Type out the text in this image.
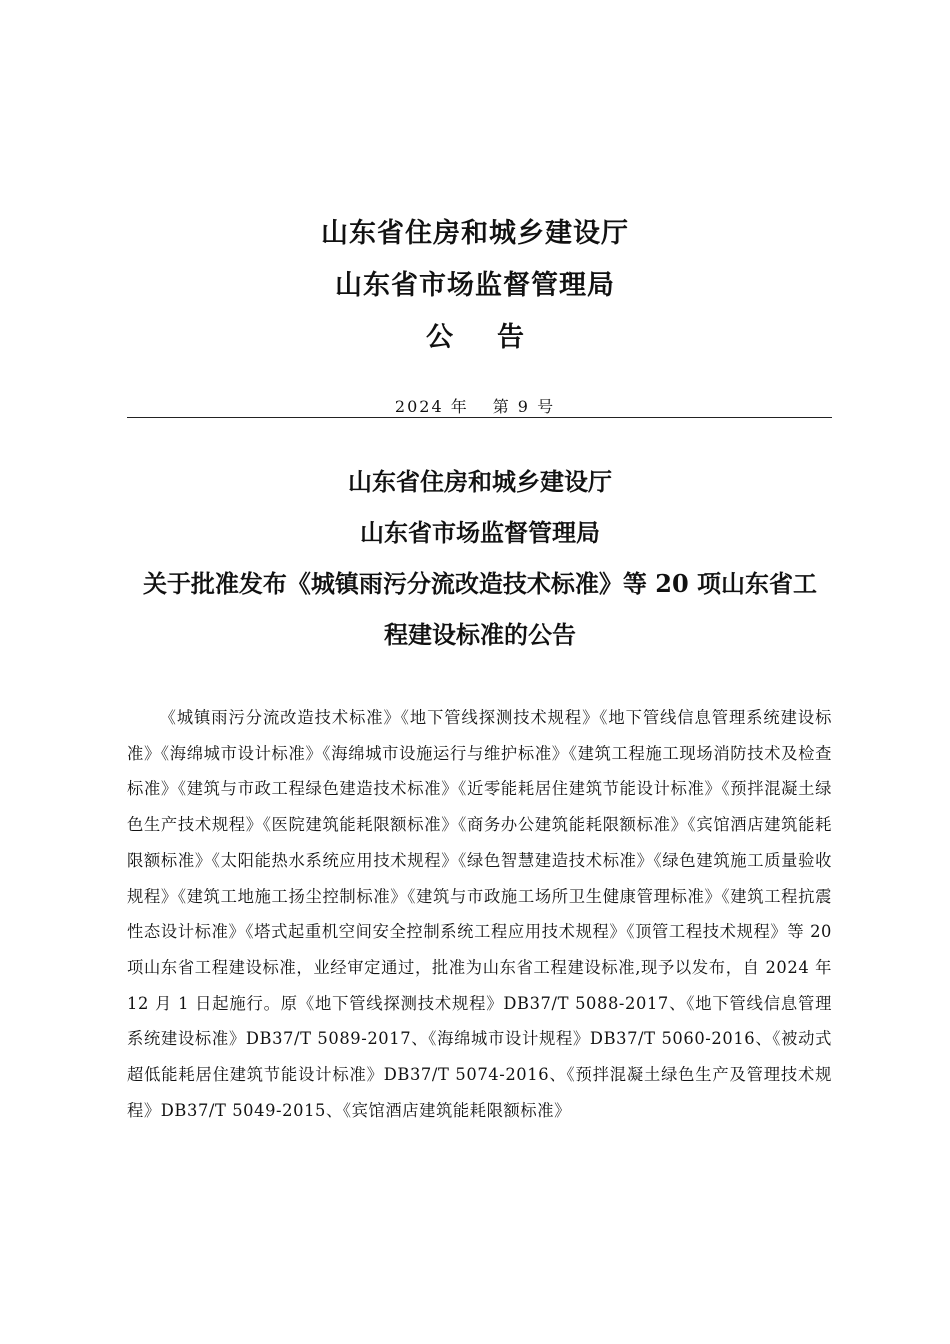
山东省住房和城乡建设厅
山东省市场监督管理局
公告
2024 年 第 9 号
山东省住房和城乡建设厅
山东省市场监督管理局
关于批准发布《城镇雨污分流改造技术标准》等 20 项山东省工
程建设标准的公告
《城镇雨污分流改造技术标准》《地下管线探测技术规程》《地下管线信息管理系统建设标准》《海绵城市设计标准》《海绵城市设施运行与维护标准》《建筑工程施工现场消防技术及检查标准》《建筑与市政工程绿色建造技术标准》《近零能耗居住建筑节能设计标准》《预拌混凝土绿色生产技术规程》《医院建筑能耗限额标准》《商务办公建筑能耗限额标准》《宾馆酒店建筑能耗限额标准》《太阳能热水系统应用技术规程》《绿色智慧建造技术标准》《绿色建筑施工质量验收规程》《建筑工地施工扬尘控制标准》《建筑与市政施工场所卫生健康管理标准》《建筑工程抗震性态设计标准》《塔式起重机空间安全控制系统工程应用技术规程》《顶管工程技术规程》等 20 项山东省工程建设标准，业经审定通过，批准为山东省工程建设标准,现予以发布，自 2024 年 12 月 1 日起施行。原《地下管线探测技术规程》DB37/T 5088-2017、《地下管线信息管理系统建设标准》DB37/T 5089-2017、《海绵城市设计规程》DB37/T 5060-2016、《被动式超低能耗居住建筑节能设计标准》DB37/T 5074-2016、《预拌混凝土绿色生产及管理技术规程》DB37/T 5049-2015、《宾馆酒店建筑能耗限额标准》
